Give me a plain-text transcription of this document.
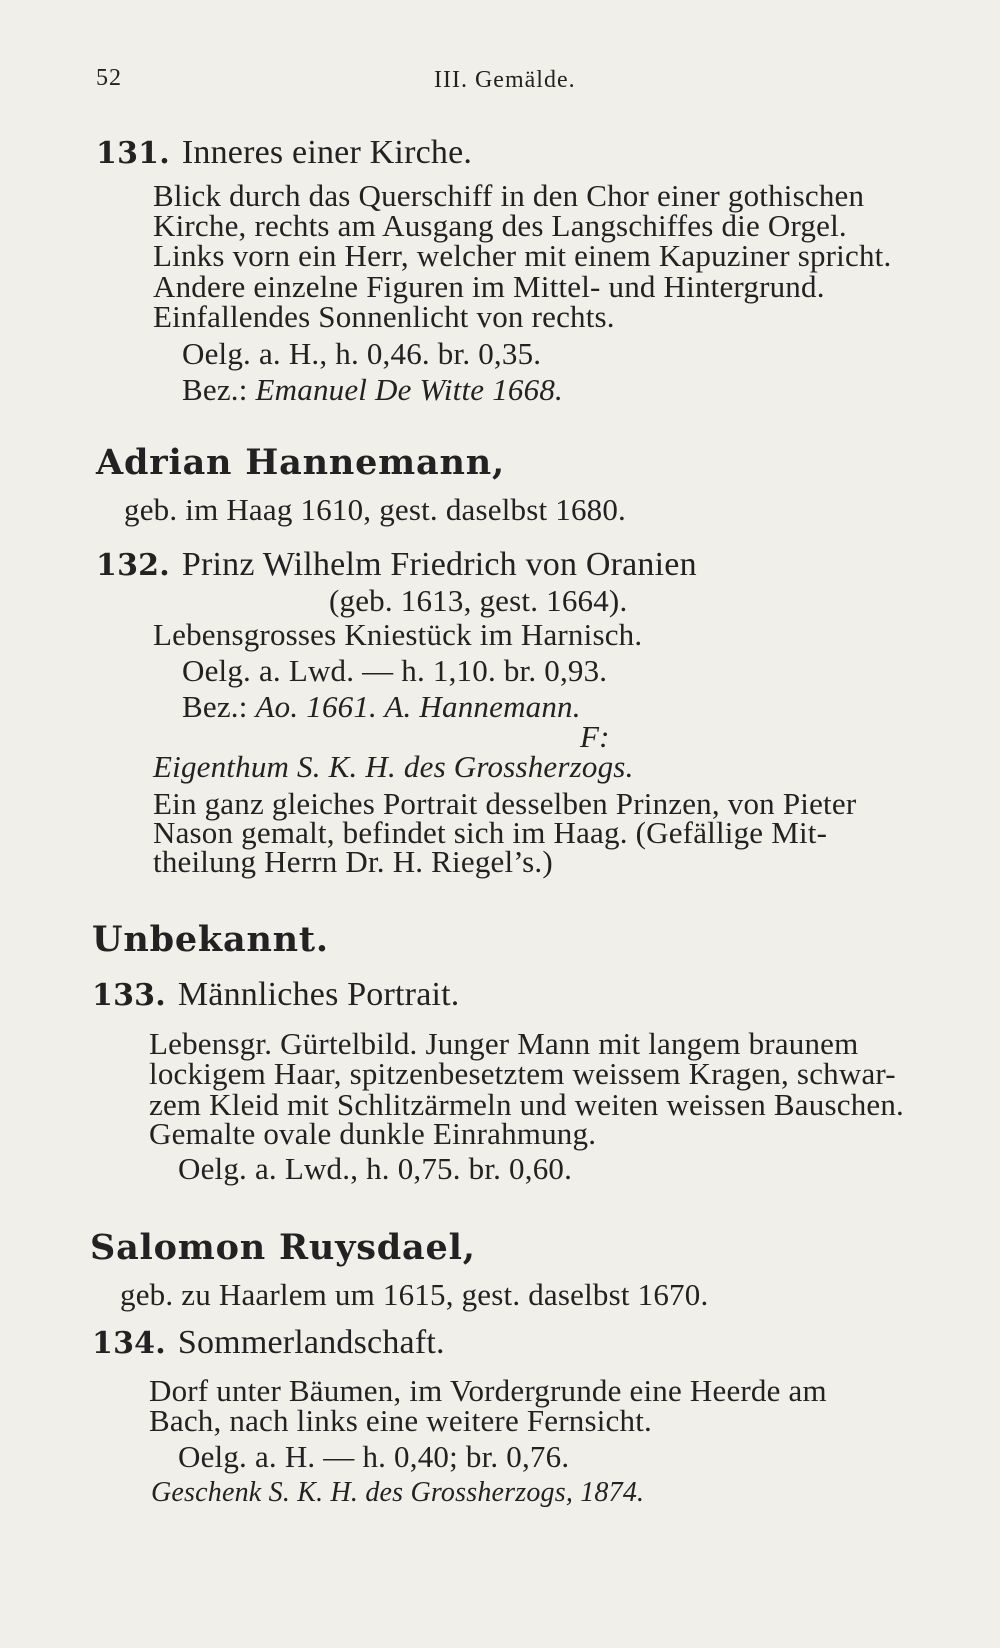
52	III. Gemälde.
131. Inneres einer Kirche.
Blick durch das Querschiff in den Chor einer gothischen
Kirche, rechts am Ausgang des Langschiffes die Orgel.
Links vorn ein Herr, welcher mit einem Kapuziner spricht.
Andere einzelne Figuren im Mittel- und Hintergrund.
Einfallendes Sonnenlicht von rechts.
Oelg. a. H., h. 0,46. br. 0,35.
Bez.: Emanuel De Witte 1668.
Adrian Hannemann,
geb. im Haag 1610, gest. daselbst 1680.
132. Prinz Wilhelm Friedrich von Oranien
(geb. 1613, gest. 1664).
Lebensgrosses Kniestück im Harnisch.
Oelg. a. Lwd. — h. 1,10. br. 0,93.
Bez.: Ao. 1661. A. Hannemann.
F:
Eigenthum S. K. H. des Grossherzogs.
Ein ganz gleiches Portrait desselben Prinzen, von Pieter
Nason gemalt, befindet sich im Haag. (Gefällige Mit-
theilung Herrn Dr. H. Riegel’s.)
Unbekannt.
133. Männliches Portrait.
Lebensgr. Gürtelbild. Junger Mann mit langem braunem
lockigem Haar, spitzenbesetztem weissem Kragen, schwar-
zem Kleid mit Schlitzärmeln und weiten weissen Bauschen.
Gemalte ovale dunkle Einrahmung.
Oelg. a. Lwd., h. 0,75. br. 0,60.
Salomon Ruysdael,
geb. zu Haarlem um 1615, gest. daselbst 1670.
134. Sommerlandschaft.
Dorf unter Bäumen, im Vordergrunde eine Heerde am
Bach, nach links eine weitere Fernsicht.
Oelg. a. H. — h. 0,40; br. 0,76.
Geschenk S. K. H. des Grossherzogs, 1874.
